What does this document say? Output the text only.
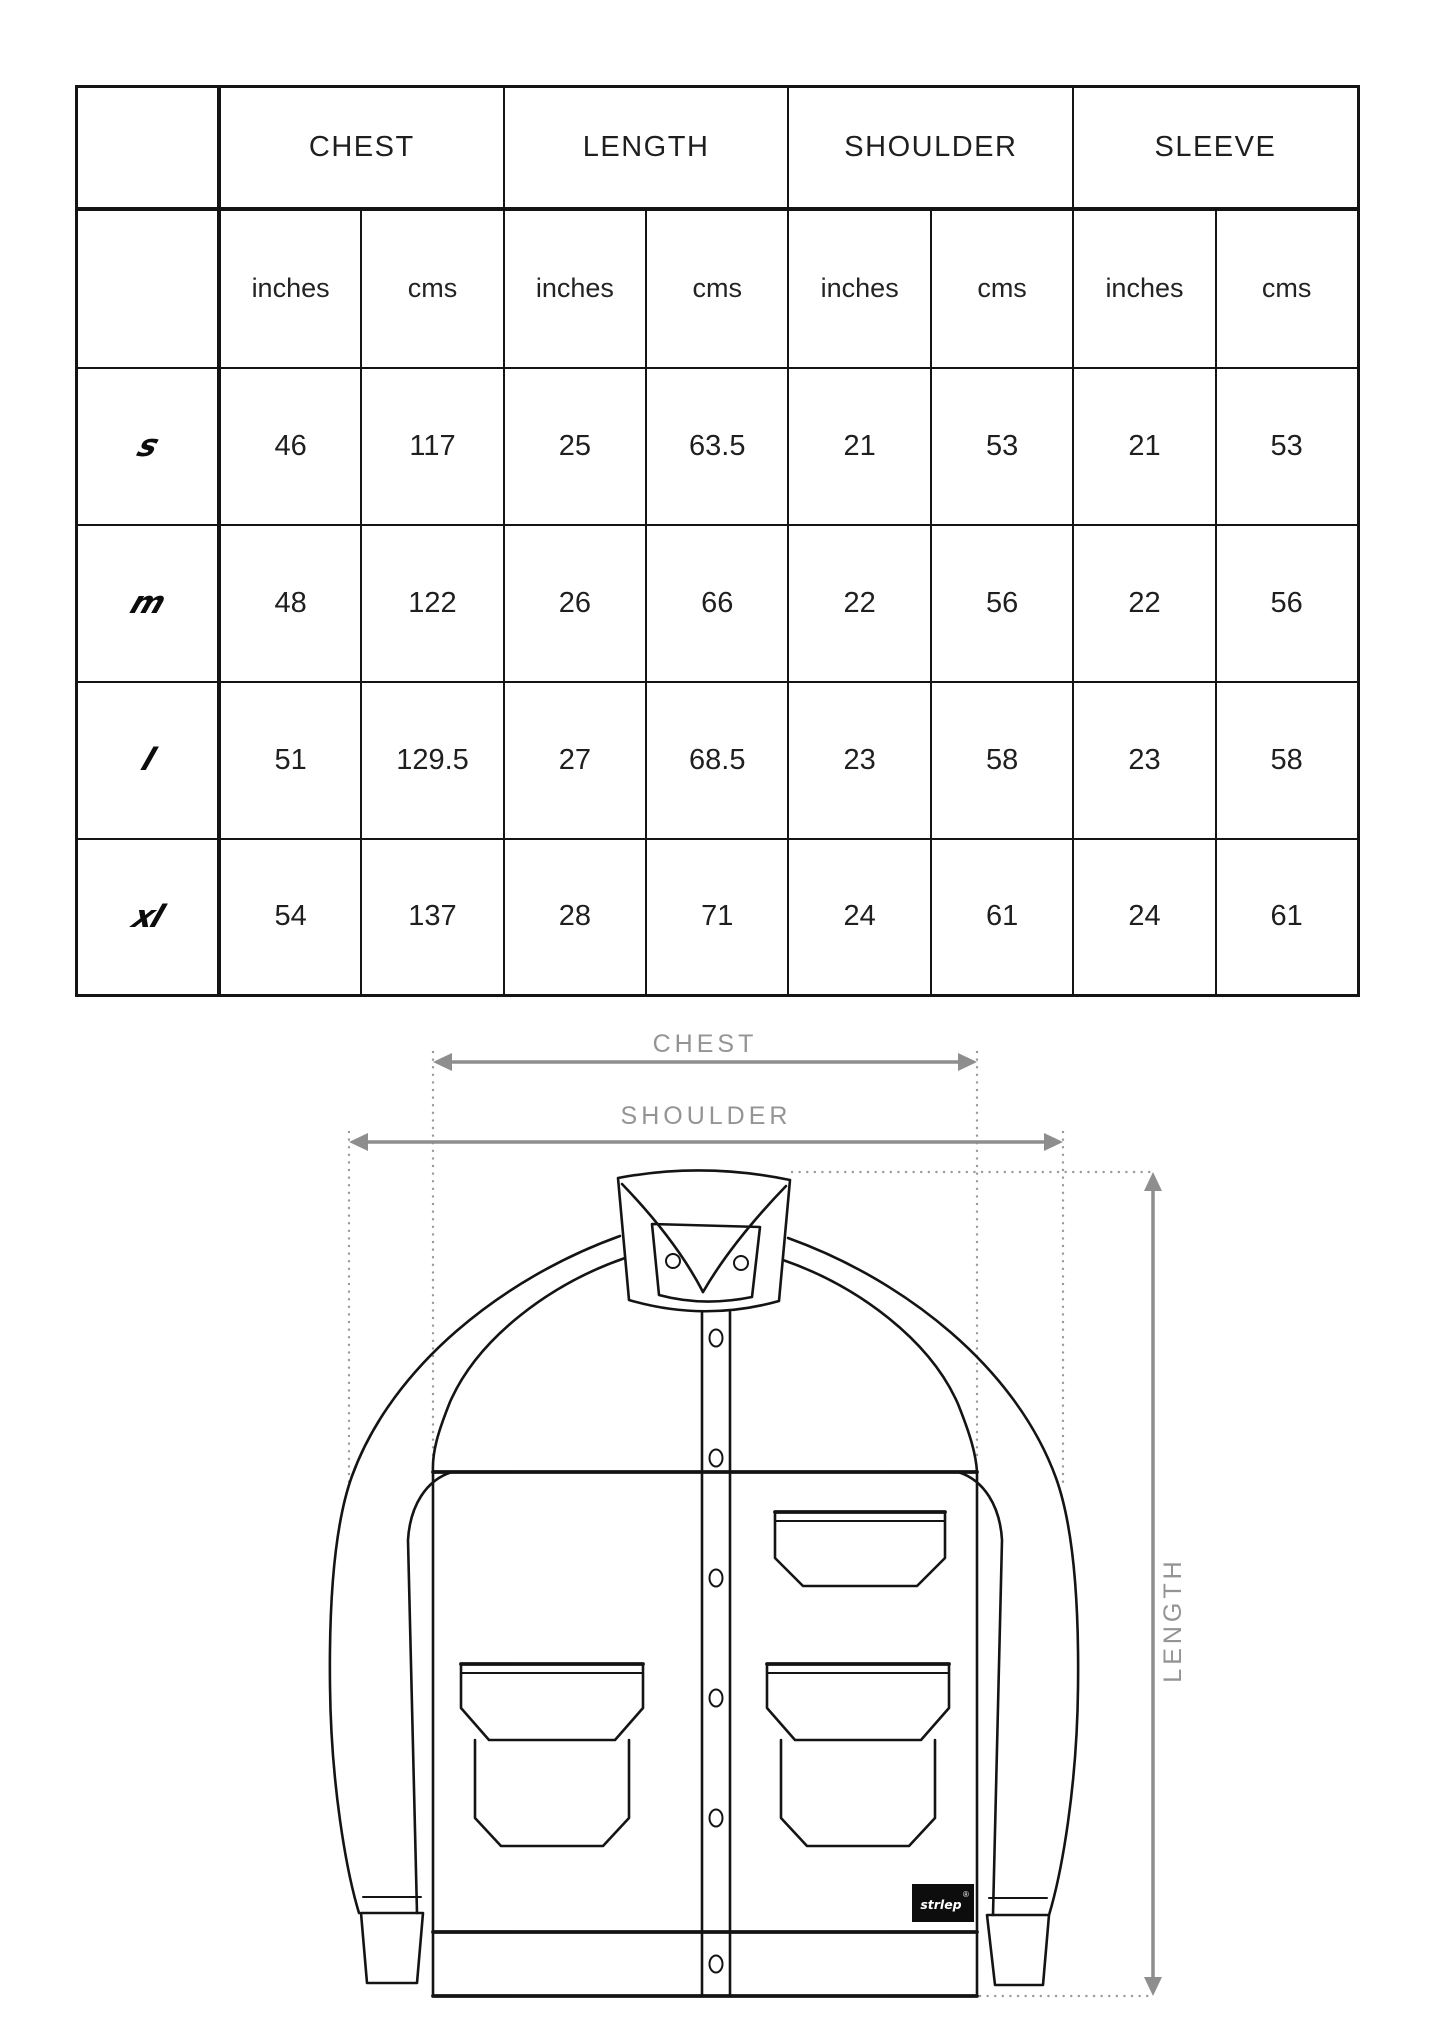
	CHEST		LENGTH		SHOULDER		SLEEVE	
	inches	cms	inches	cms	inches	cms	inches	cms
s	46	117	25	63.5	21	53	21	53
m	48	122	26	66	22	56	22	56
l	51	129.5	27	68.5	23	58	23	58
xl	54	137	28	71	24	61	24	61
CHEST
SHOULDER
LENGTH
strlep
®
